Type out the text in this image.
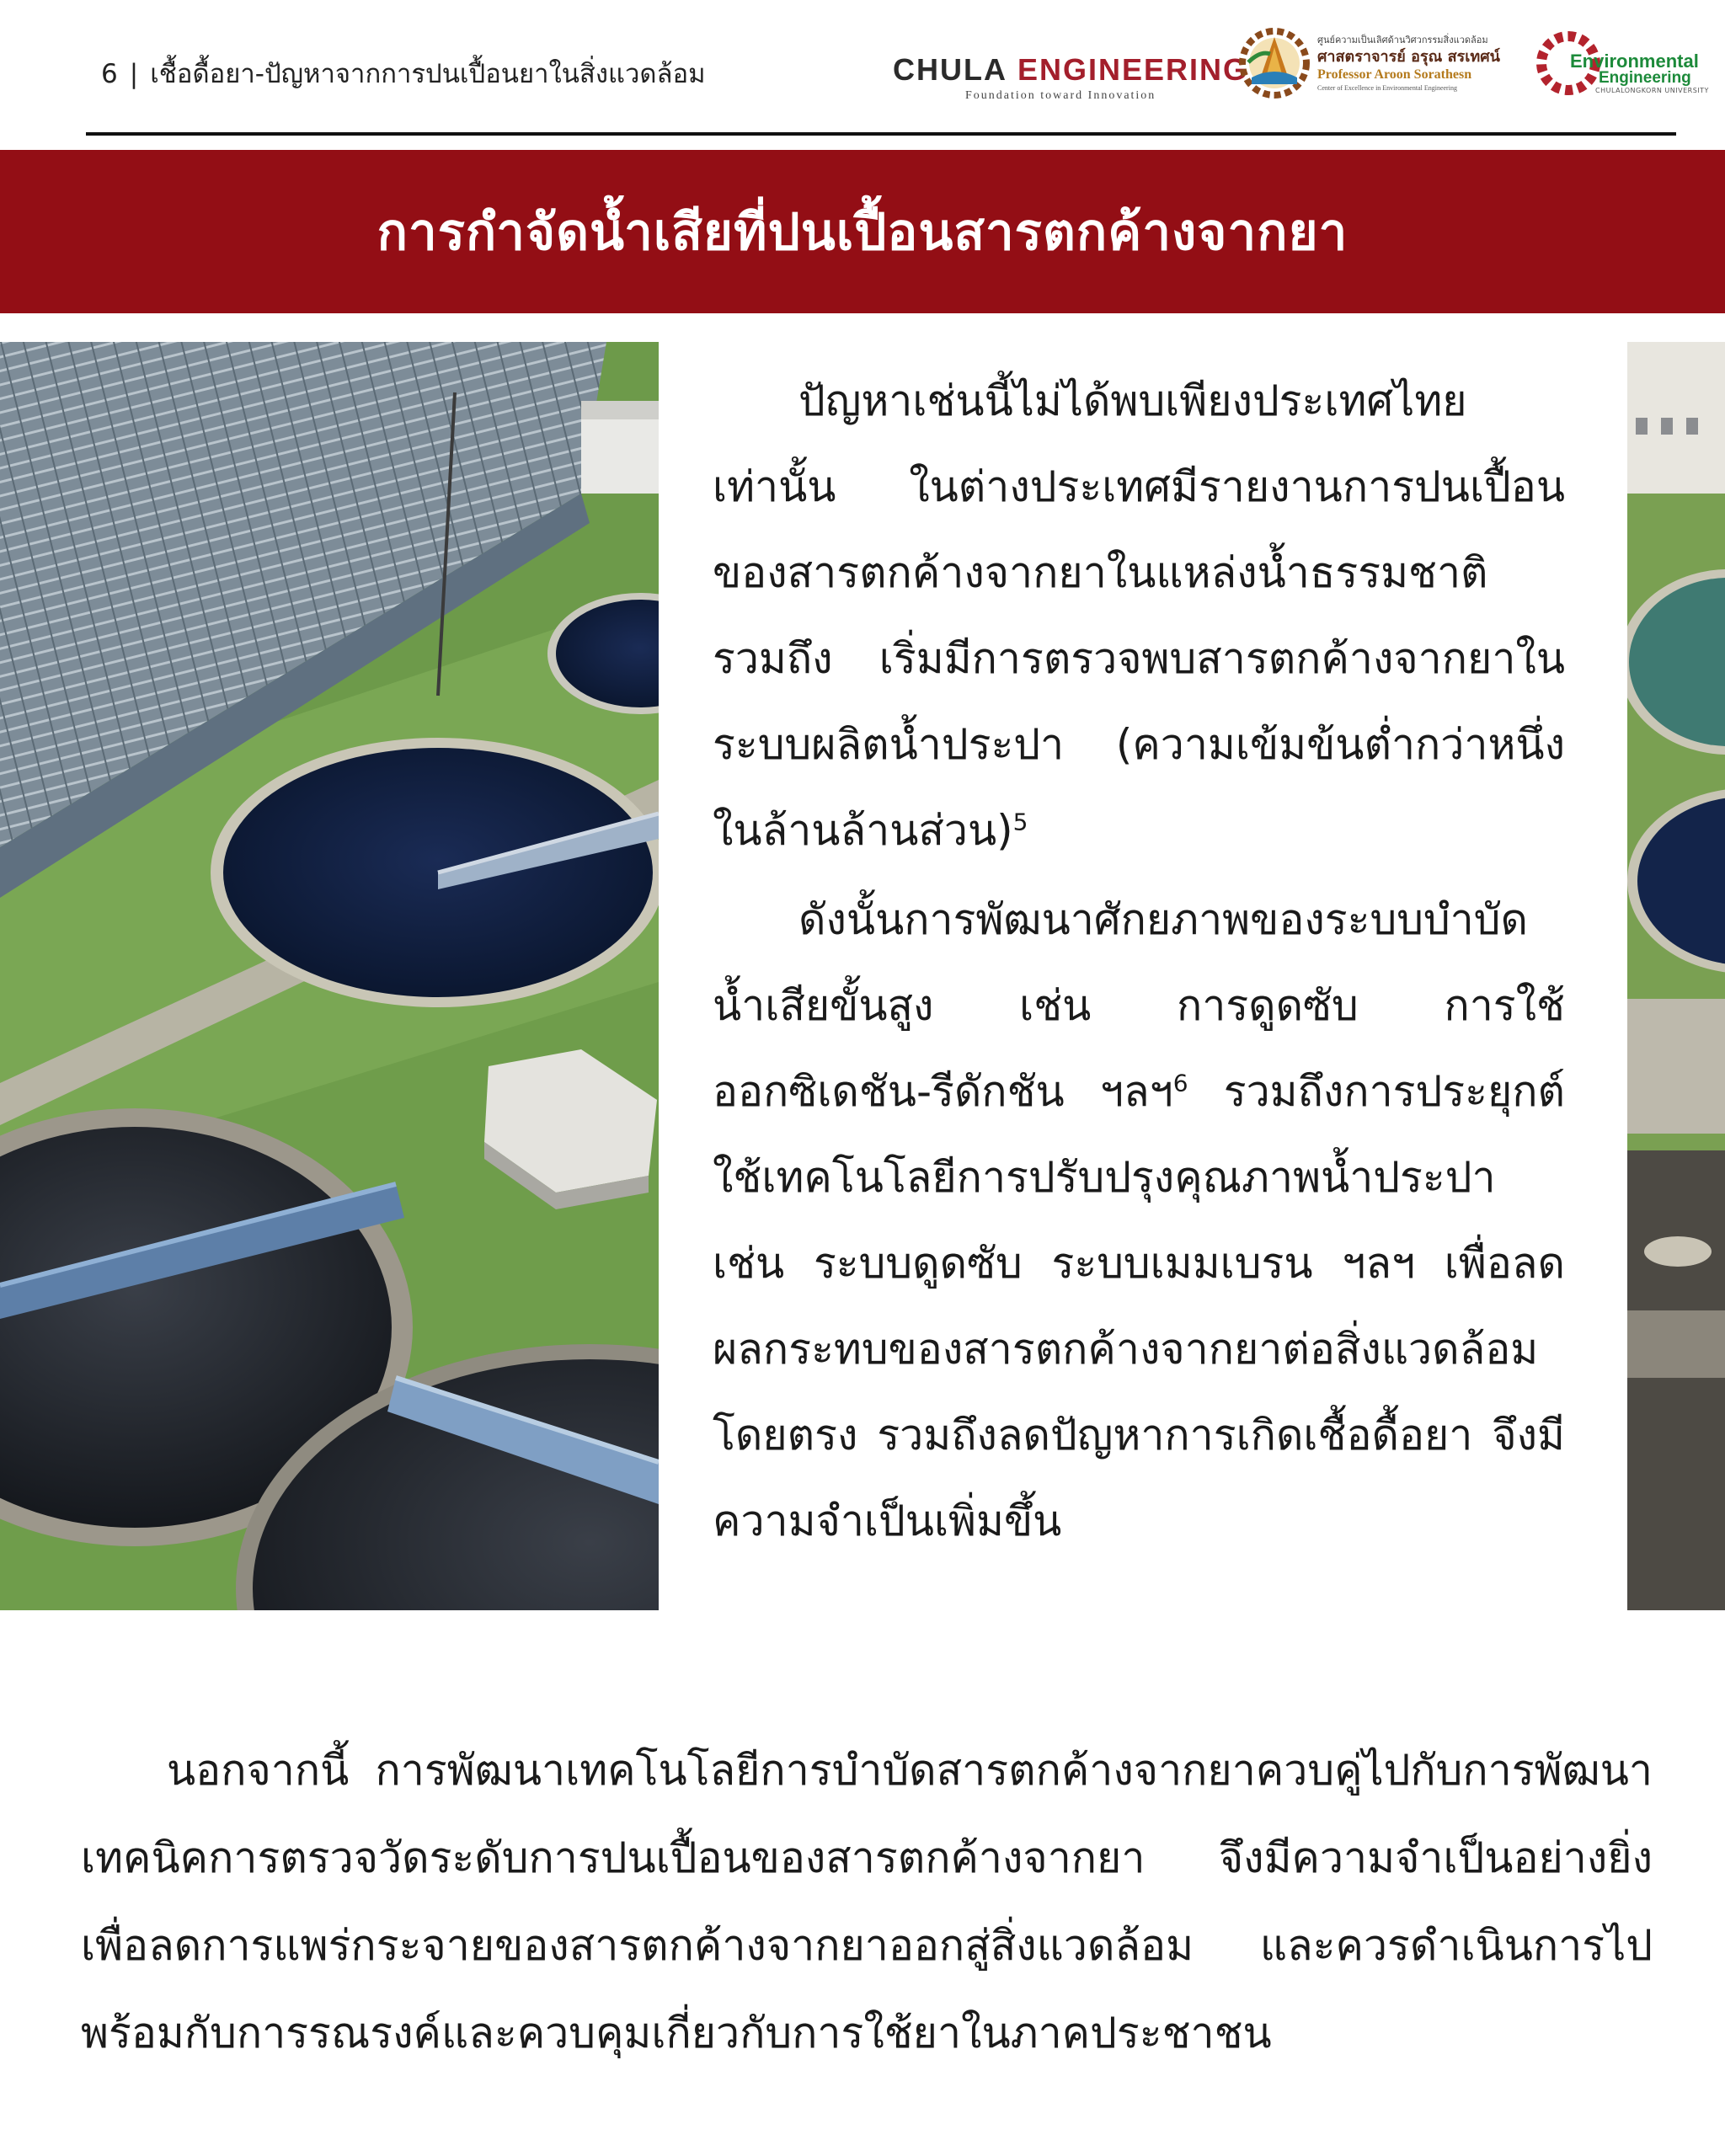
6 | เชื้อดื้อยา-ปัญหาจากการปนเปื้อนยาในสิ่งแวดล้อม	CHULA ENGINEERING
Foundation toward Innovation
ศูนย์ความเป็นเลิศด้านวิศวกรรมสิ่งแวดล้อม
ศาสตราจารย์ อรุณ สรเทศน์
Professor Aroon Sorathesn
Center of Excellence in Environmental Engineering
Environmental
Engineering
CHULALONGKORN UNIVERSITY
การกำจัดน้ำเสียที่ปนเปื้อนสารตกค้างจากยา

ปัญหาเช่นนี้ไม่ได้พบเพียงประเทศไทยเท่านั้น ในต่างประเทศมีรายงานการปนเปื้อนของสารตกค้างจากยาในแหล่งน้ำธรรมชาติ รวมถึง เริ่มมีการตรวจพบสารตกค้างจากยาในระบบผลิตน้ำประปา (ความเข้มข้นต่ำกว่าหนึ่งในล้านล้านส่วน)$^5$

ดังนั้นการพัฒนาศักยภาพของระบบบำบัดน้ำเสียขั้นสูง เช่น การดูดซับ การใช้ออกซิเดชัน-รีดักชัน ฯลฯ$^6$ รวมถึงการประยุกต์ใช้เทคโนโลยีการปรับปรุงคุณภาพน้ำประปา เช่น ระบบดูดซับ ระบบเมมเบรน ฯลฯ เพื่อลดผลกระทบของสารตกค้างจากยาต่อสิ่งแวดล้อมโดยตรง รวมถึงลดปัญหาการเกิดเชื้อดื้อยา จึงมีความจำเป็นเพิ่มขึ้น

นอกจากนี้ การพัฒนาเทคโนโลยีการบำบัดสารตกค้างจากยาควบคู่ไปกับการพัฒนาเทคนิคการตรวจวัดระดับการปนเปื้อนของสารตกค้างจากยา จึงมีความจำเป็นอย่างยิ่ง เพื่อลดการแพร่กระจายของสารตกค้างจากยาออกสู่สิ่งแวดล้อม และควรดำเนินการไปพร้อมกับการรณรงค์และควบคุมเกี่ยวกับการใช้ยาในภาคประชาชน
